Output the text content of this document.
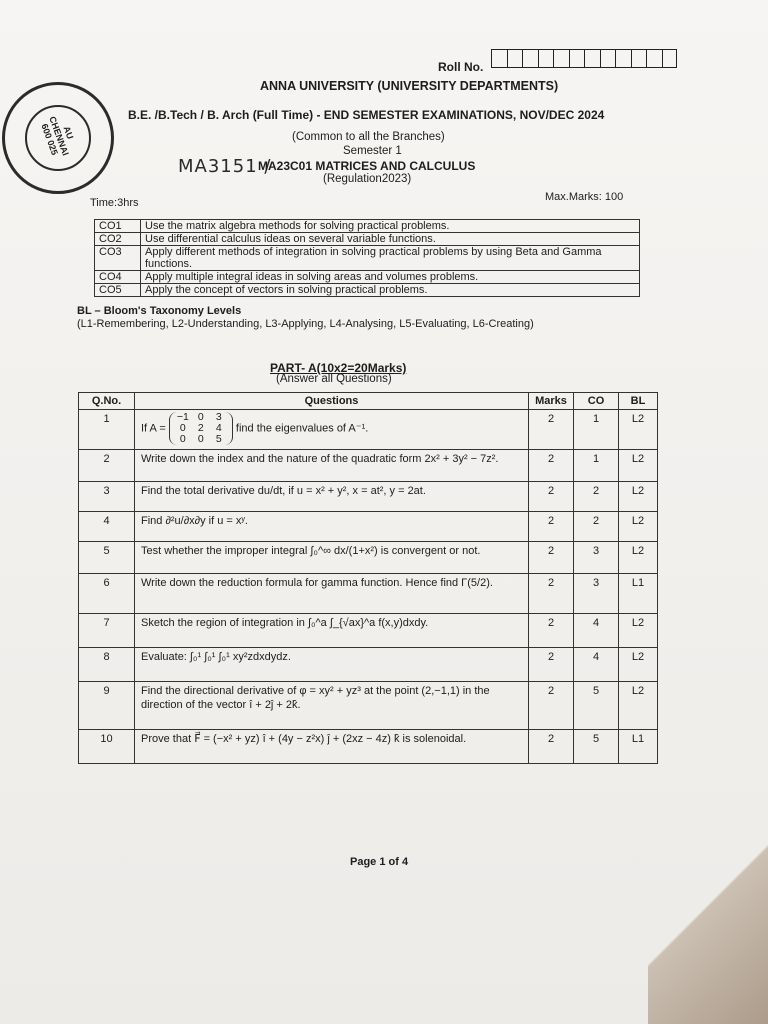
AU CHENNAI 600 025
Roll No.
ANNA UNIVERSITY (UNIVERSITY DEPARTMENTS)
B.E. /B.Tech / B. Arch (Full Time) - END SEMESTER EXAMINATIONS, NOV/DEC 2024
(Common to all the Branches)
Semester 1
MA3151 /
MA23C01 MATRICES AND CALCULUS
(Regulation2023)
Time:3hrs	Max.Marks: 100
CO1	Use the matrix algebra methods for solving practical problems.
CO2	Use differential calculus ideas on several variable functions.
CO3	Apply different methods of integration in solving practical problems by using Beta and Gamma functions.
CO4	Apply multiple integral ideas in solving areas and volumes problems.
CO5	Apply the concept of vectors in solving practical problems.
BL – Bloom's Taxonomy Levels
(L1-Remembering, L2-Understanding, L3-Applying, L4-Analysing, L5-Evaluating, L6-Creating)
PART- A(10x2=20Marks)
(Answer all Questions)
Q.No.	Questions	Marks	CO	BL
1	If A = −1 0 3
0 2 4
0 0 5 find the eigenvalues of A⁻¹.	2	1	L2
2	Write down the index and the nature of the quadratic form 2x² + 3y² − 7z².	2	1	L2
3	Find the total derivative du/dt, if u = x² + y², x = at², y = 2at.	2	2	L2
4	Find ∂²u/∂x∂y if u = xʸ.	2	2	L2
5	Test whether the improper integral ∫₀^∞ dx/(1+x²) is convergent or not.	2	3	L2
6	Write down the reduction formula for gamma function. Hence find Γ(5/2).	2	3	L1
7	Sketch the region of integration in ∫₀^a ∫_{√ax}^a f(x,y)dxdy.	2	4	L2
8	Evaluate: ∫₀¹ ∫₀¹ ∫₀¹ xy²zdxdydz.	2	4	L2
9	Find the directional derivative of φ = xy² + yz³ at the point (2,−1,1) in the direction of the vector î + 2ĵ + 2k̂.	2	5	L2
10	Prove that F⃗ = (−x² + yz) î + (4y − z²x) ĵ + (2xz − 4z) k̂ is solenoidal.	2	5	L1
Page 1 of 4
